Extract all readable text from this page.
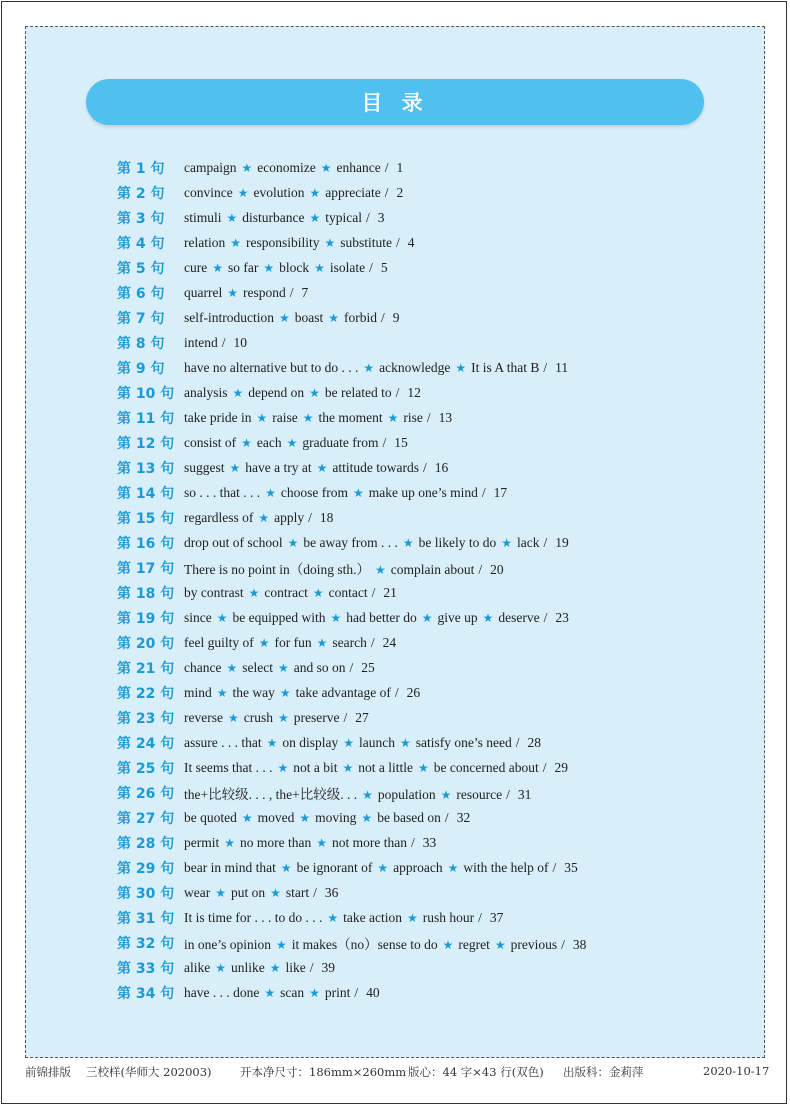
目 录
第 1 句	campaign ★ economize ★ enhance / 1
第 2 句	convince ★ evolution ★ appreciate / 2
第 3 句	stimuli ★ disturbance ★ typical / 3
第 4 句	relation ★ responsibility ★ substitute / 4
第 5 句	cure ★ so far ★ block ★ isolate / 5
第 6 句	quarrel ★ respond / 7
第 7 句	self-introduction ★ boast ★ forbid / 9
第 8 句	intend / 10
第 9 句	have no alternative but to do . . . ★ acknowledge ★ It is A that B / 11
第 10 句 analysis ★ depend on ★ be related to / 12
第 11 句 take pride in ★ raise ★ the moment ★ rise / 13
第 12 句 consist of ★ each ★ graduate from / 15
第 13 句 suggest ★ have a try at ★ attitude towards / 16
第 14 句 so . . . that . . . ★ choose from ★ make up one’s mind / 17
第 15 句 regardless of ★ apply / 18
第 16 句 drop out of school ★ be away from . . . ★ be likely to do ★ lack / 19
第 17 句 There is no point in（doing sth.） ★ complain about / 20
第 18 句 by contrast ★ contract ★ contact / 21
第 19 句 since ★ be equipped with ★ had better do ★ give up ★ deserve / 23
第 20 句 feel guilty of ★ for fun ★ search / 24
第 21 句 chance ★ select ★ and so on / 25
第 22 句 mind ★ the way ★ take advantage of / 26
第 23 句 reverse ★ crush ★ preserve / 27
第 24 句 assure . . . that ★ on display ★ launch ★ satisfy one’s need / 28
第 25 句 It seems that . . . ★ not a bit ★ not a little ★ be concerned about / 29
第 26 句 the+比较级. . . , the+比较级. . . ★ population ★ resource / 31
第 27 句 be quoted ★ moved ★ moving ★ be based on / 32
第 28 句 permit ★ no more than ★ not more than / 33
第 29 句 bear in mind that ★ be ignorant of ★ approach ★ with the help of / 35
第 30 句 wear ★ put on ★ start / 36
第 31 句 It is time for . . . to do . . . ★ take action ★ rush hour / 37
第 32 句 in one’s opinion ★ it makes（no）sense to do ★ regret ★ previous / 38
第 33 句 alike ★ unlike ★ like / 39
第 34 句 have . . . done ★ scan ★ print / 40
前锦排版 三校样(华师大 202003) 开本净尺寸：186mm×260mm 版心：44 字×43 行(双色) 出版科：金莉萍	2020-10-17
